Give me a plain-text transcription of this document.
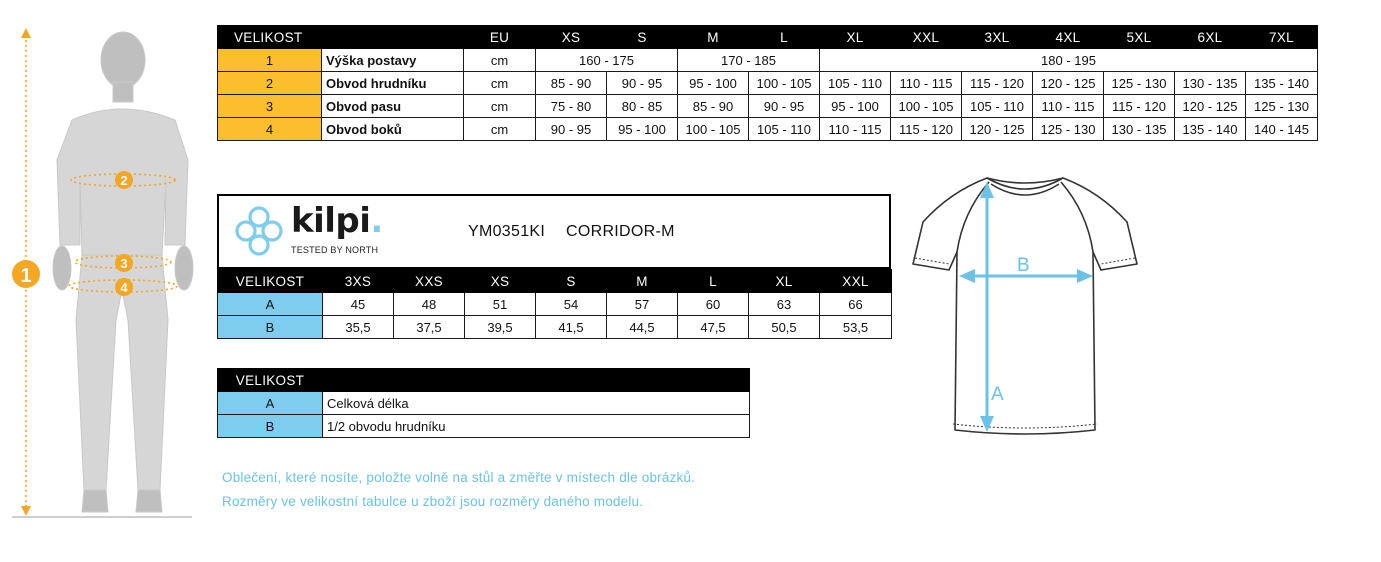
1
2
3
4
VELIKOST		EU	XS	S	M	L	XL	XXL	3XL	4XL	5XL	6XL	7XL
1	Výška postavy	cm	160 - 175		170 - 185		180 - 195						
2	Obvod hrudníku	cm	85 - 90	90 - 95	95 - 100	100 - 105	105 - 110	110 - 115	115 - 120	120 - 125	125 - 130	130 - 135	135 - 140
3	Obvod pasu	cm	75 - 80	80 - 85	85 - 90	90 - 95	95 - 100	100 - 105	105 - 110	110 - 115	115 - 120	120 - 125	125 - 130
4	Obvod boků	cm	90 - 95	95 - 100	100 - 105	105 - 110	110 - 115	115 - 120	120 - 125	125 - 130	130 - 135	135 - 140	140 - 145
kilpi.
TESTED BY NORTH
YM0351KI CORRIDOR-M
VELIKOST	3XS	XXS	XS	S	M	L	XL	XXL
A	45	48	51	54	57	60	63	66
B	35,5	37,5	39,5	41,5	44,5	47,5	50,5	53,5
VELIKOST	
A	Celková délka
B	1/2 obvodu hrudníku
Oblečení, které nosíte, položte volně na stůl a změřte v místech dle obrázků.
Rozměry ve velikostní tabulce u zboží jsou rozměry daného modelu.
B
A
